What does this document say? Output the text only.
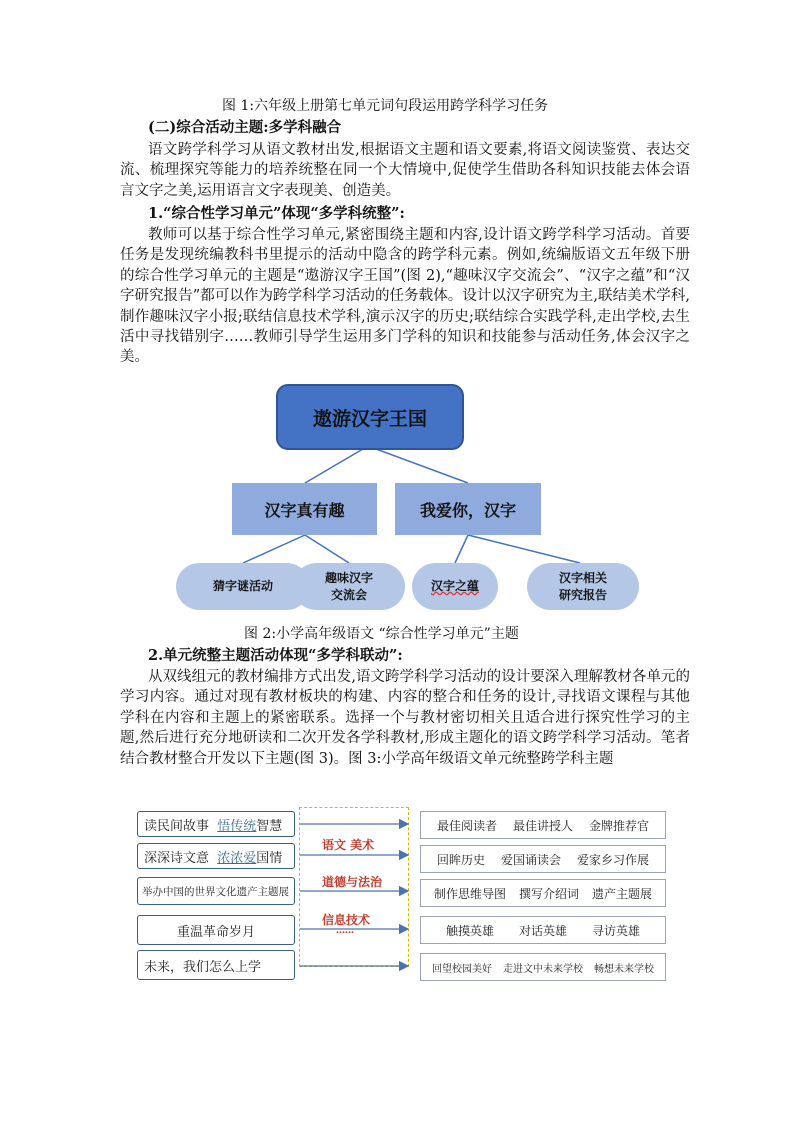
图 1:六年级上册第七单元词句段运用跨学科学习任务
(二)综合活动主题:多学科融合
语文跨学科学习从语文教材出发,根据语文主题和语文要素,将语文阅读鉴赏、表达交流、梳理探究等能力的培养统整在同一个大情境中,促使学生借助各科知识技能去体会语言文字之美,运用语言文字表现美、创造美。
1.“综合性学习单元”体现“多学科统整”:
教师可以基于综合性学习单元,紧密围绕主题和内容,设计语文跨学科学习活动。首要任务是发现统编教科书里提示的活动中隐含的跨学科元素。例如,统编版语文五年级下册的综合性学习单元的主题是“遨游汉字王国”(图 2),“趣味汉字交流会”、“汉字之蕴”和“汉字研究报告”都可以作为跨学科学习活动的任务载体。设计以汉字研究为主,联结美术学科,制作趣味汉字小报;联结信息技术学科,演示汉字的历史;联结综合实践学科,走出学校,去生活中寻找错别字……教师引导学生运用多门学科的知识和技能参与活动任务,体会汉字之美。
遨游汉字王国
汉字真有趣	我爱你，汉字
猜字谜活动
趣味汉字
交流会
汉字之蕴
汉字相关
研究报告
图 2:小学高年级语文 “综合性学习单元”主题
2.单元统整主题活动体现“多学科联动”:
从双线组元的教材编排方式出发,语文跨学科学习活动的设计要深入理解教材各单元的学习内容。通过对现有教材板块的构建、内容的整合和任务的设计,寻找语文课程与其他学科在内容和主题上的紧密联系。选择一个与教材密切相关且适合进行探究性学习的主题,然后进行充分地研读和二次开发各学科教材,形成主题化的语文跨学科学习活动。笔者结合教材整合开发以下主题(图 3)。图 3:小学高年级语文单元统整跨学科主题
读民间故事
悟传统 智慧
深深诗文意
浓浓爱 国情
举办中国的世界文化遗产主题展
重温革命岁月
未来，我们怎么上学
语文 美术
道德与法治
信息技术
……
最佳阅读者 最佳讲授人 金牌推荐官
回眸历史 爱国诵读会 爱家乡习作展
制作思维导图 撰写介绍词 遗产主题展
触摸英雄 对话英雄 寻访英雄
回望校园美好 走进文中未来学校 畅想未来学校
